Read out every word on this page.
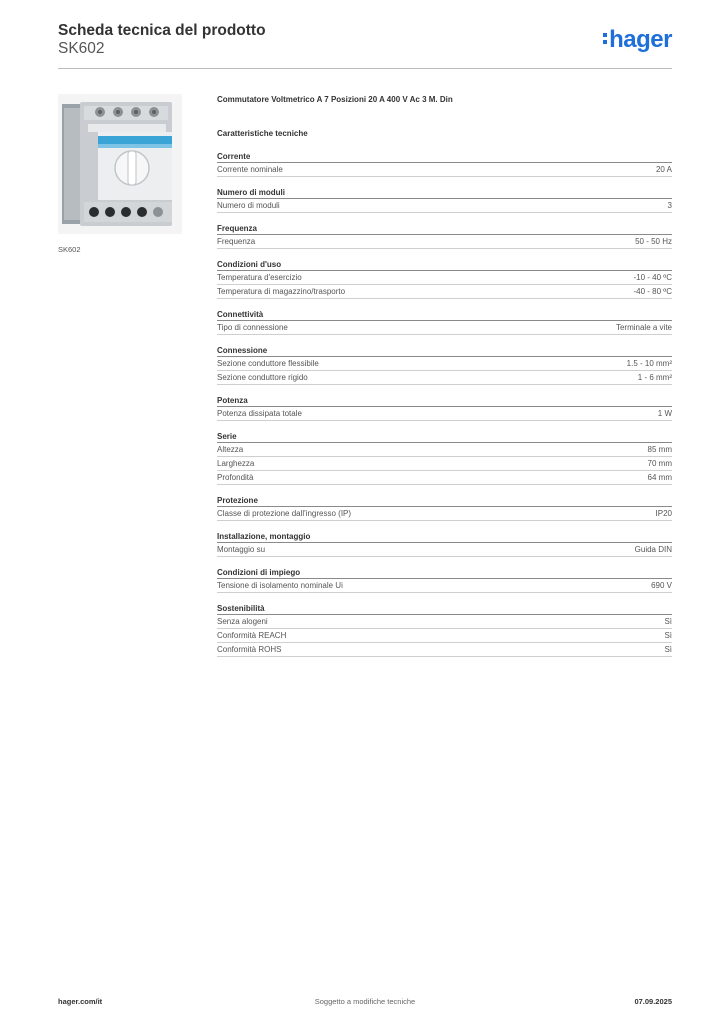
Scheda tecnica del prodotto
SK602	hager
SK602
Commutatore Voltmetrico A 7 Posizioni 20 A 400 V Ac 3 M. Din
Caratteristiche tecniche
Corrente
Corrente nominale	20 A
Numero di moduli
Numero di moduli	3
Frequenza
Frequenza	50 - 50 Hz
Condizioni d'uso
Temperatura d'esercizio	-10 - 40 ºC
Temperatura di magazzino/trasporto	-40 - 80 ºC
Connettività
Tipo di connessione	Terminale a vite
Connessione
Sezione conduttore flessibile	1.5 - 10 mm²
Sezione conduttore rigido	1 - 6 mm²
Potenza
Potenza dissipata totale	1 W
Serie
Altezza	85 mm
Larghezza	70 mm
Profondità	64 mm
Protezione
Classe di protezione dall'ingresso (IP)	IP20
Installazione, montaggio
Montaggio su	Guida DIN
Condizioni di impiego
Tensione di isolamento nominale Ui	690 V
Sostenibilità
Senza alogeni	Sì
Conformità REACH	Sì
Conformità ROHS	Sì
hager.com/it	Soggetto a modifiche tecniche	07.09.2025
